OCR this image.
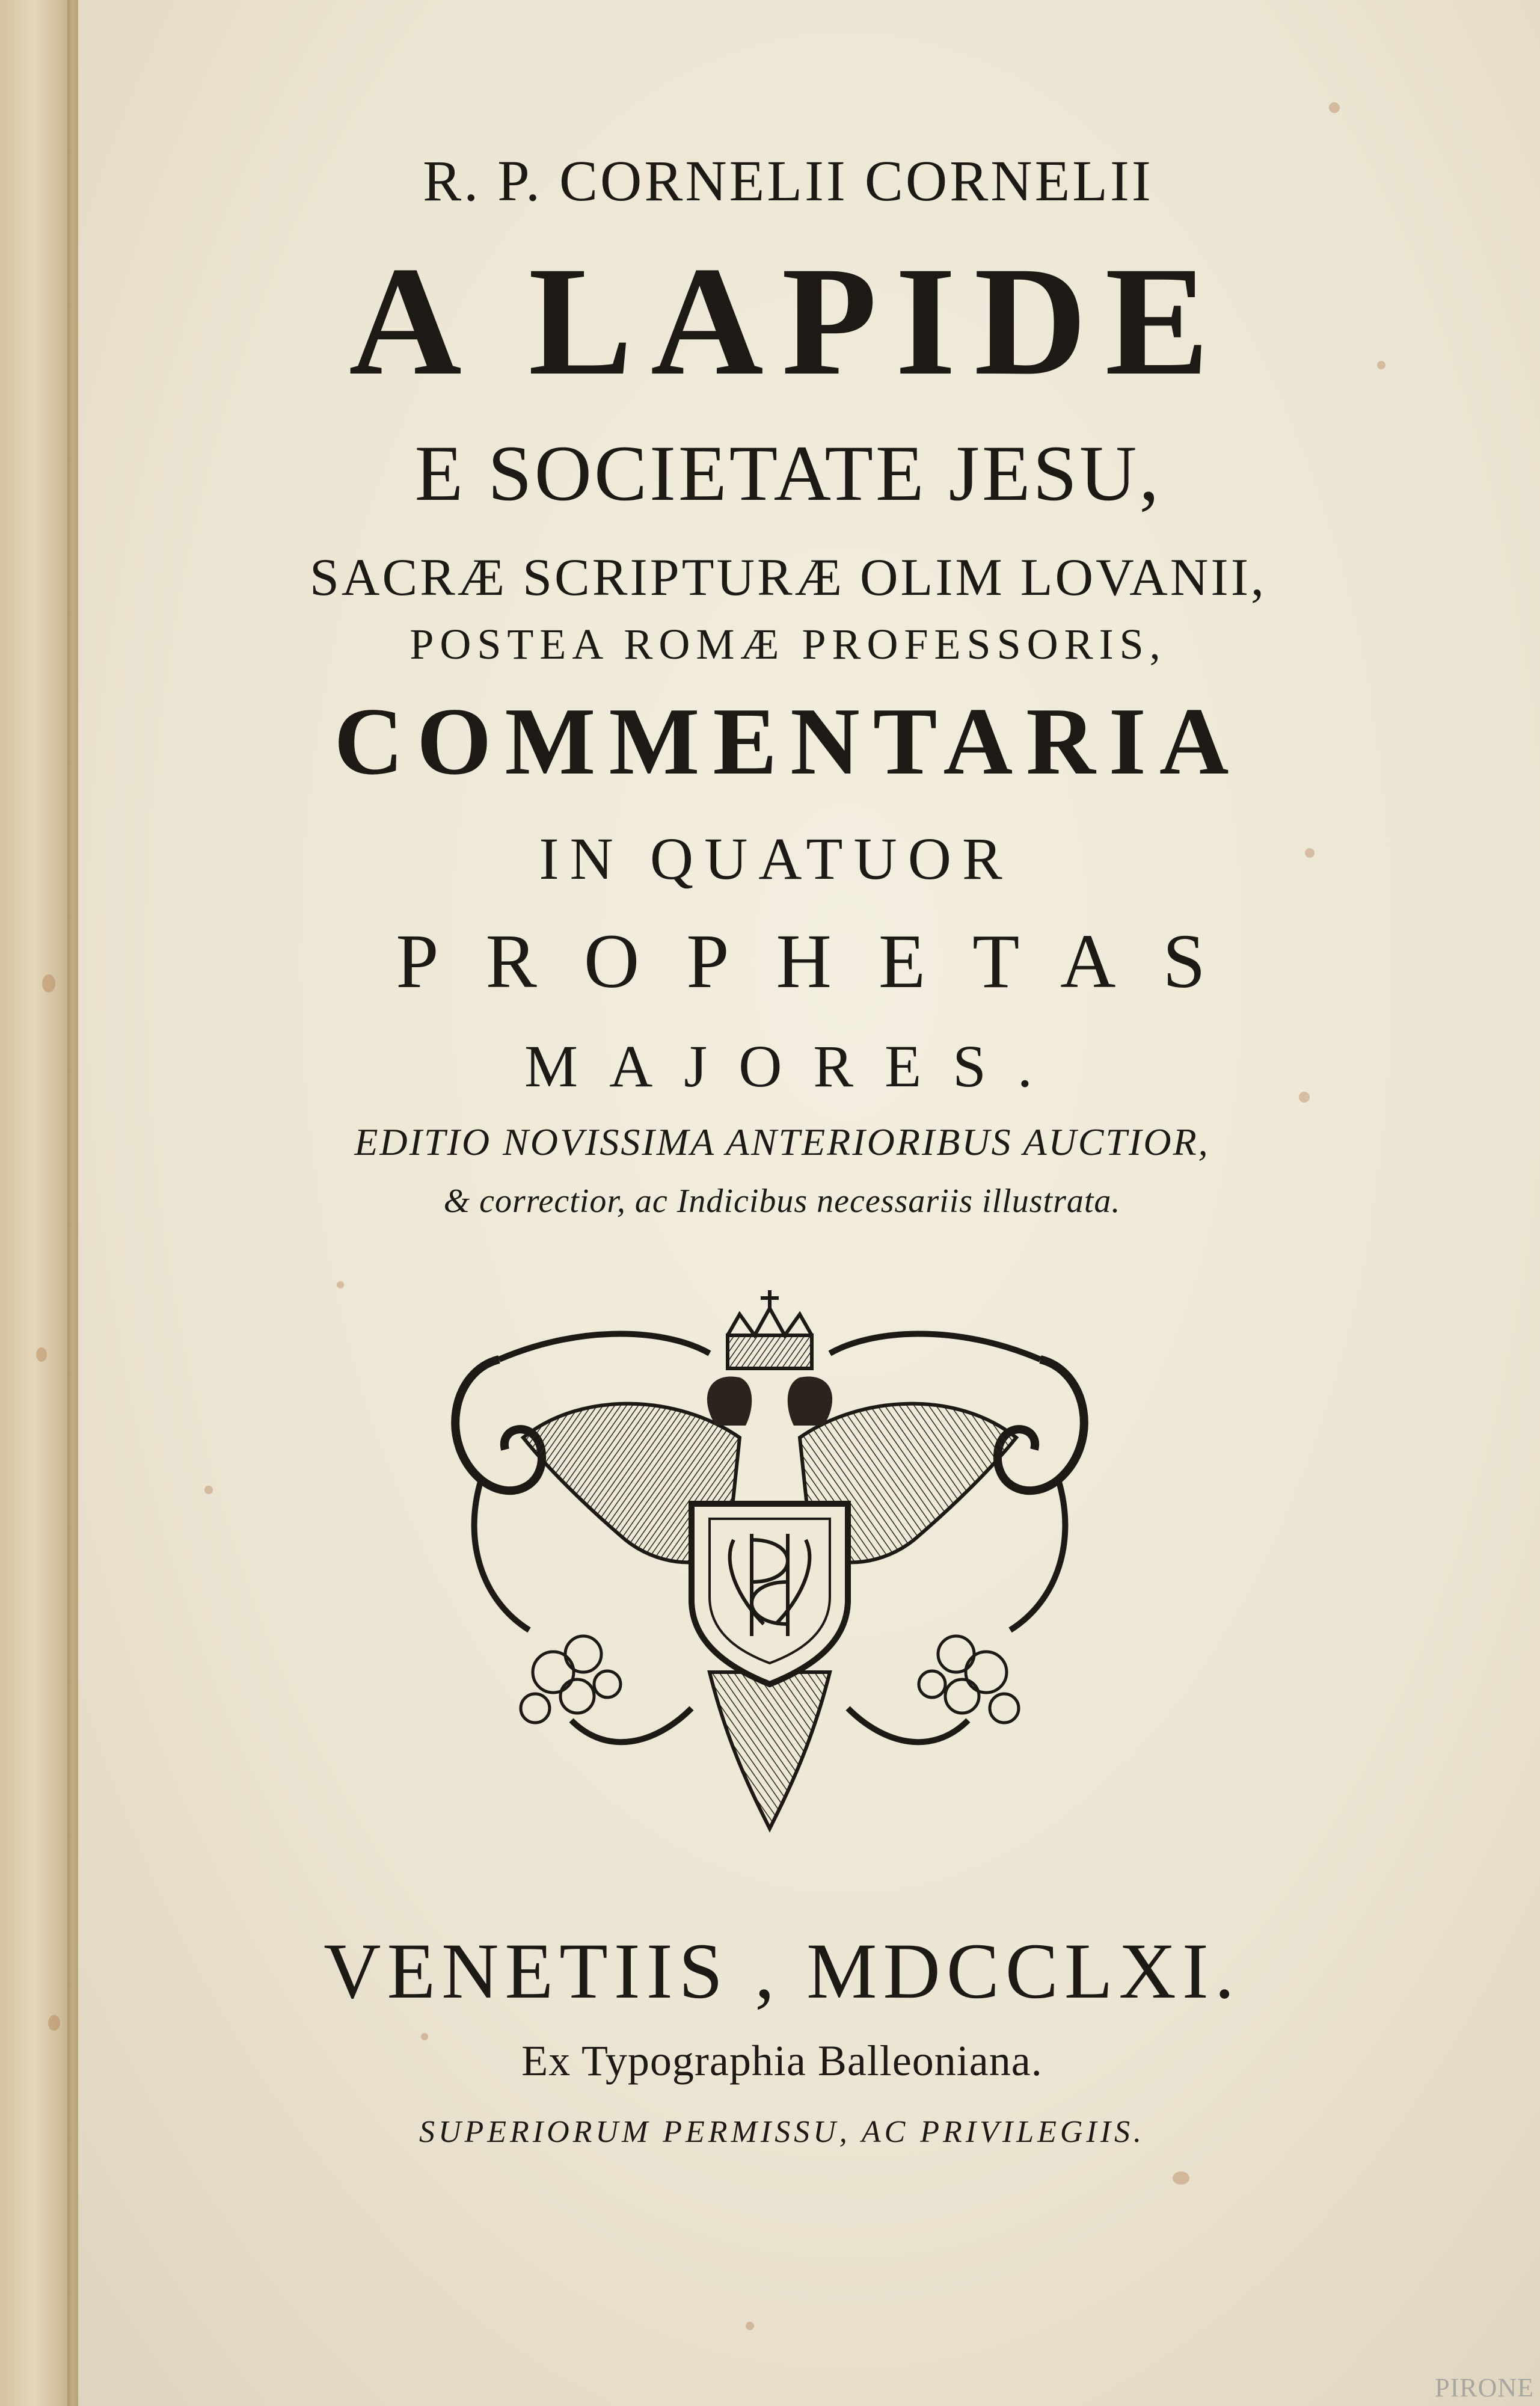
R. P. CORNELII CORNELII
A LAPIDE
E SOCIETATE JESU,
SACRÆ SCRIPTURÆ OLIM LOVANII,
POSTEA ROMÆ PROFESSORIS,
COMMENTARIA
IN QUATUOR
PROPHETAS
MAJORES.
EDITIO NOVISSIMA ANTERIORIBUS AUCTIOR,
& correctior, ac Indicibus necessariis illustrata.
VENETIIS , MDCCLXI.
Ex Typographia Balleoniana.
SUPERIORUM PERMISSU, AC PRIVILEGIIS.
PIRONE
